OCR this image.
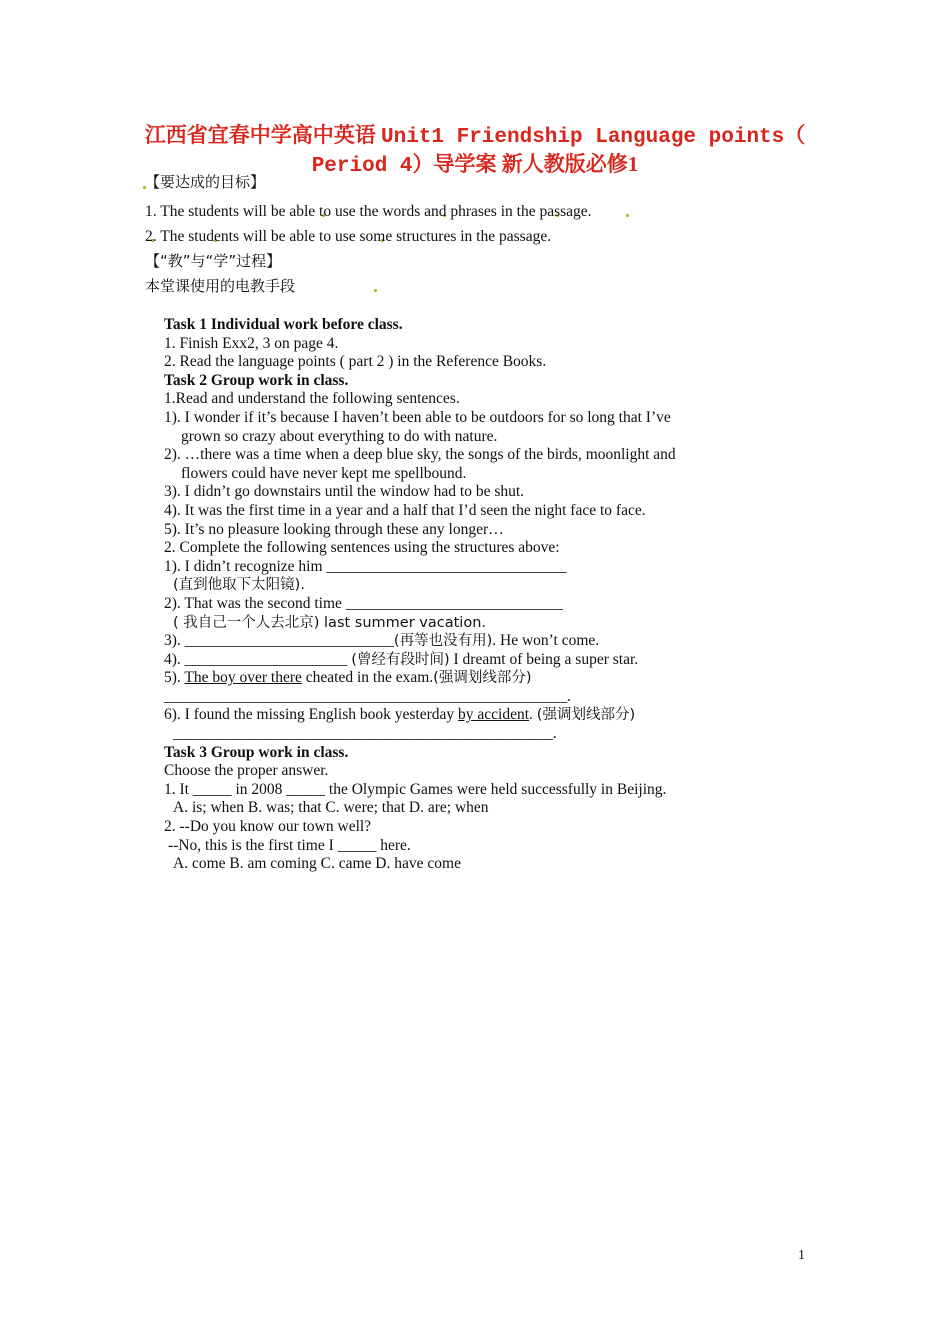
江西省宜春中学高中英语 Unit1 Friendship Language points（
Period 4）导学案 新人教版必修1
【要达成的目标】
1. The students will be able to use the words and phrases in the passage.
2. The students will be able to use some structures in the passage.
【“教”与“学”过程】
本堂课使用的电教手段
Task 1 Individual work before class.
1. Finish Exx2, 3 on page 4.
2. Read the language points ( part 2 ) in the Reference Books.
Task 2 Group work in class.
1.Read and understand the following sentences.
1). I wonder if it’s because I haven’t been able to be outdoors for so long that I’ve
grown so crazy about everything to do with nature.
2). …there was a time when a deep blue sky, the songs of the birds, moonlight and
flowers could have never kept me spellbound.
3). I didn’t go downstairs until the window had to be shut.
4). It was the first time in a year and a half that I’d seen the night face to face.
5). It’s no pleasure looking through these any longer…
2. Complete the following sentences using the structures above:
1). I didn’t recognize him _______________________________
(直到他取下太阳镜).
2). That was the second time ____________________________
( 我自己一个人去北京) last summer vacation.
3). ___________________________(再等也没有用). He won’t come.
4). _____________________ (曾经有段时间) I dreamt of being a super star.
5). The boy over there cheated in the exam.(强调划线部分)
____________________________________________________.
6). I found the missing English book yesterday by accident. (强调划线部分)
_________________________________________________.
Task 3 Group work in class.
Choose the proper answer.
1. It _____ in 2008 _____ the Olympic Games were held successfully in Beijing.
A. is; when B. was; that C. were; that D. are; when
2. --Do you know our town well?
--No, this is the first time I _____ here.
A. come B. am coming C. came D. have come
1
